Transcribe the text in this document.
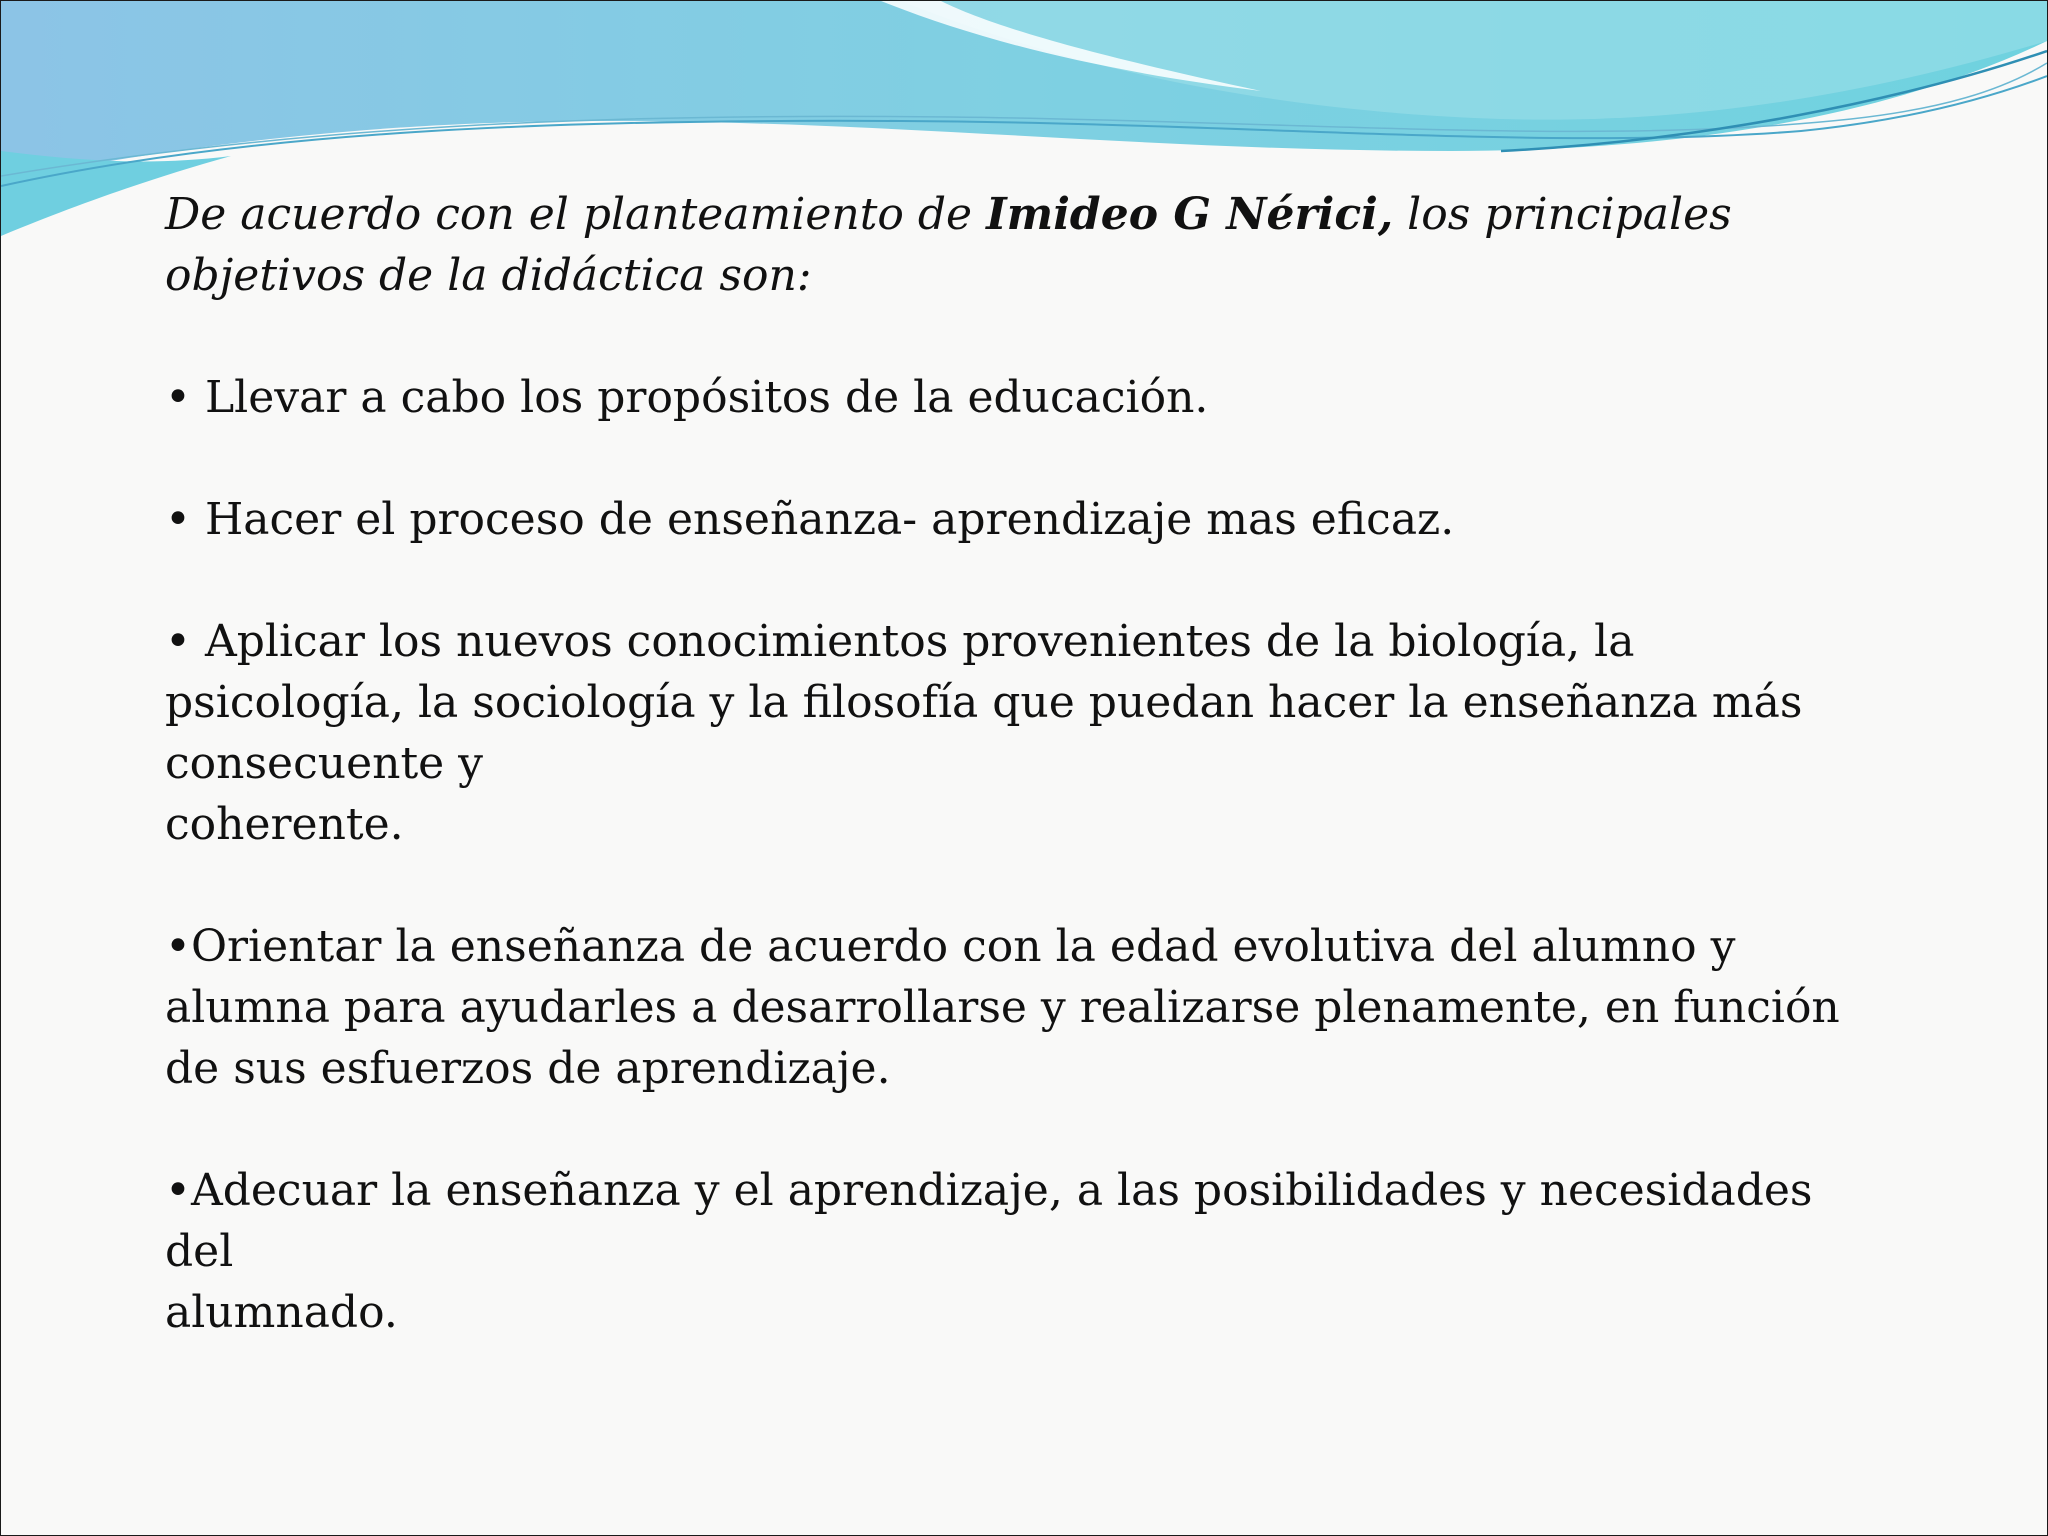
De acuerdo con el planteamiento de Imideo G Nérici, los principales
objetivos de la didáctica son:

• Llevar a cabo los propósitos de la educación.

• Hacer el proceso de enseñanza- aprendizaje mas eficaz.

• Aplicar los nuevos conocimientos provenientes de la biología, la
psicología, la sociología y la filosofía que puedan hacer la enseñanza más
consecuente y
coherente.

•Orientar la enseñanza de acuerdo con la edad evolutiva del alumno y
alumna para ayudarles a desarrollarse y realizarse plenamente, en función
de sus esfuerzos de aprendizaje.

•Adecuar la enseñanza y el aprendizaje, a las posibilidades y necesidades del
alumnado.
